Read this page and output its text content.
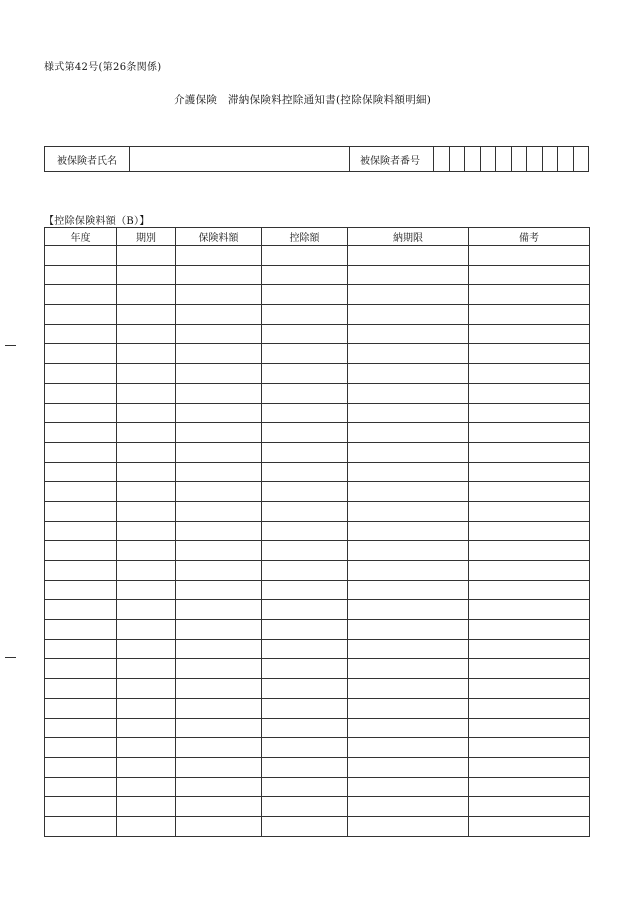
様式第42号(第26条関係)
介護保険　滞納保険料控除通知書(控除保険料額明細)
被保険者氏名		被保険者番号										
【控除保険料額（B）】
年度	期別	保険料額	控除額	納期限	備考
